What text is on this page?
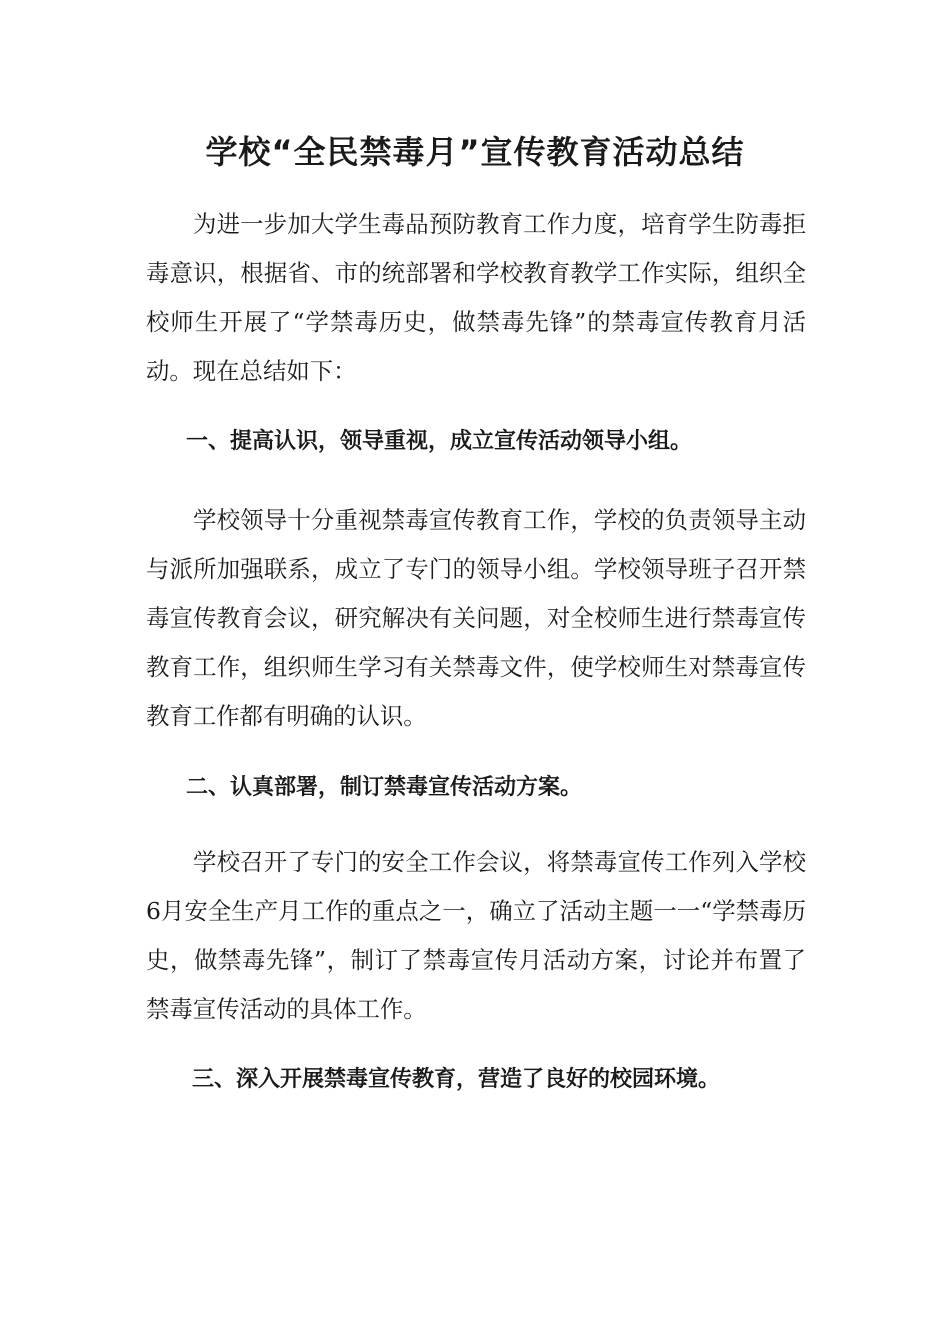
学校“全民禁毒月”宣传教育活动总结

为进一步加大学生毒品预防教育工作力度，培育学生防毒拒毒意识，根据省、市的统部署和学校教育教学工作实际，组织全校师生开展了“学禁毒历史，做禁毒先锋”的禁毒宣传教育月活动。现在总结如下：

一、提高认识，领导重视，成立宣传活动领导小组。

学校领导十分重视禁毒宣传教育工作，学校的负责领导主动与派所加强联系，成立了专门的领导小组。学校领导班子召开禁毒宣传教育会议，研究解决有关问题，对全校师生进行禁毒宣传教育工作，组织师生学习有关禁毒文件，使学校师生对禁毒宣传教育工作都有明确的认识。

二、认真部署，制订禁毒宣传活动方案。

学校召开了专门的安全工作会议，将禁毒宣传工作列入学校6月安全生产月工作的重点之一，确立了活动主题一一“学禁毒历史，做禁毒先锋”，制订了禁毒宣传月活动方案，讨论并布置了禁毒宣传活动的具体工作。

三、深入开展禁毒宣传教育，营造了良好的校园环境。
